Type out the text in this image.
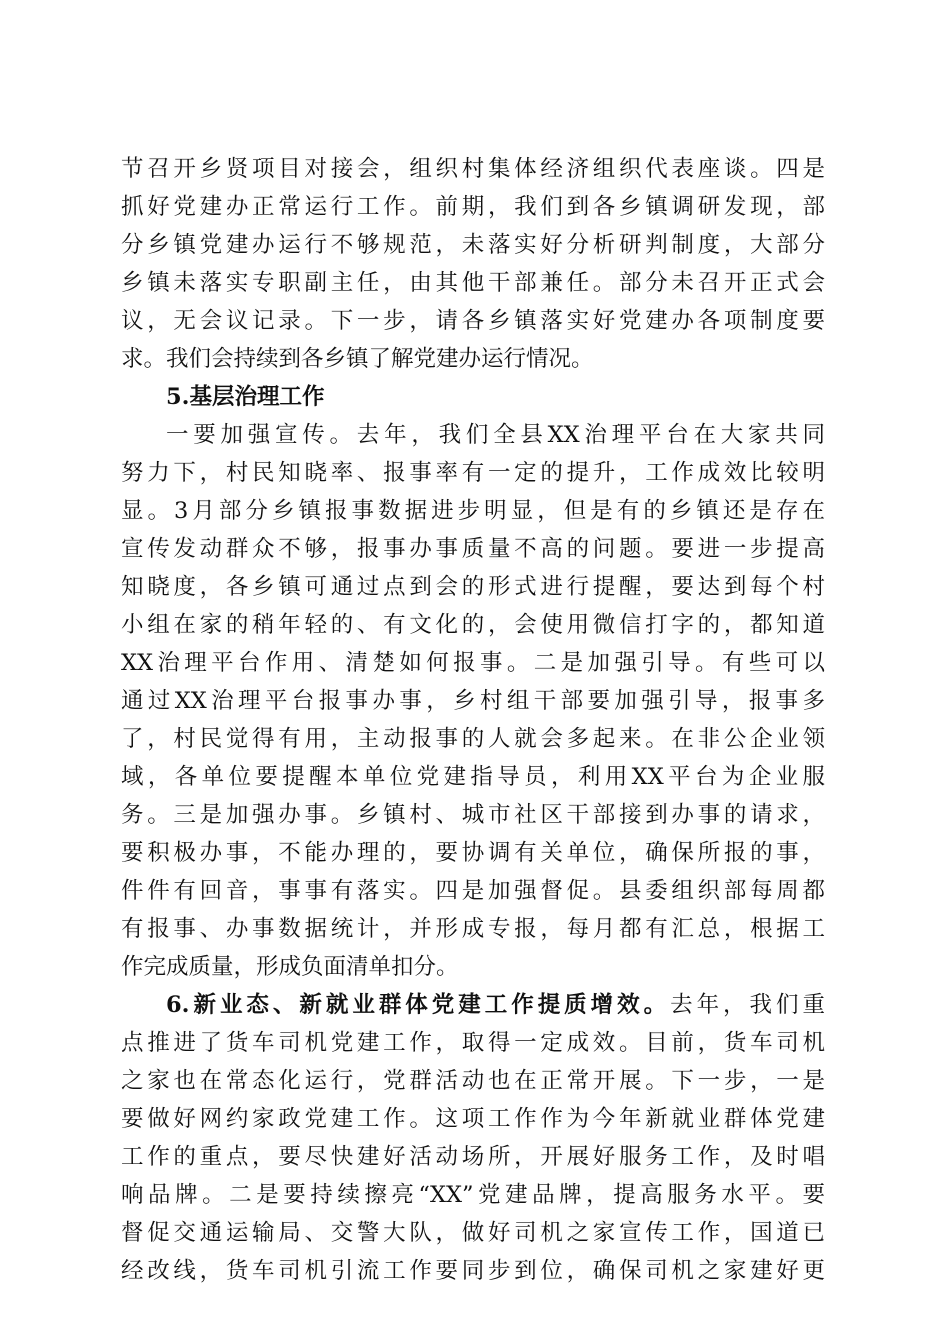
节召开乡贤项目对接会，组织村集体经济组织代表座谈。四是
抓好党建办正常运行工作。前期，我们到各乡镇调研发现，部
分乡镇党建办运行不够规范，未落实好分析研判制度，大部分
乡镇未落实专职副主任，由其他干部兼任。部分未召开正式会
议，无会议记录。下一步，请各乡镇落实好党建办各项制度要
求。我们会持续到各乡镇了解党建办运行情况。
5.基层治理工作
一要加强宣传。去年，我们全县XX治理平台在大家共同
努力下，村民知晓率、报事率有一定的提升，工作成效比较明
显。3月部分乡镇报事数据进步明显，但是有的乡镇还是存在
宣传发动群众不够，报事办事质量不高的问题。要进一步提高
知晓度，各乡镇可通过点到会的形式进行提醒，要达到每个村
小组在家的稍年轻的、有文化的，会使用微信打字的，都知道
XX治理平台作用、清楚如何报事。二是加强引导。有些可以
通过XX治理平台报事办事，乡村组干部要加强引导，报事多
了，村民觉得有用，主动报事的人就会多起来。在非公企业领
域，各单位要提醒本单位党建指导员，利用XX平台为企业服
务。三是加强办事。乡镇村、城市社区干部接到办事的请求，
要积极办事，不能办理的，要协调有关单位，确保所报的事，
件件有回音，事事有落实。四是加强督促。县委组织部每周都
有报事、办事数据统计，并形成专报，每月都有汇总，根据工
作完成质量，形成负面清单扣分。
6.新业态、新就业群体党建工作提质增效。去年，我们重
点推进了货车司机党建工作，取得一定成效。目前，货车司机
之家也在常态化运行，党群活动也在正常开展。下一步，一是
要做好网约家政党建工作。这项工作作为今年新就业群体党建
工作的重点，要尽快建好活动场所，开展好服务工作，及时唱
响品牌。二是要持续擦亮“XX”党建品牌，提高服务水平。要
督促交通运输局、交警大队，做好司机之家宣传工作，国道已
经改线，货车司机引流工作要同步到位，确保司机之家建好更
